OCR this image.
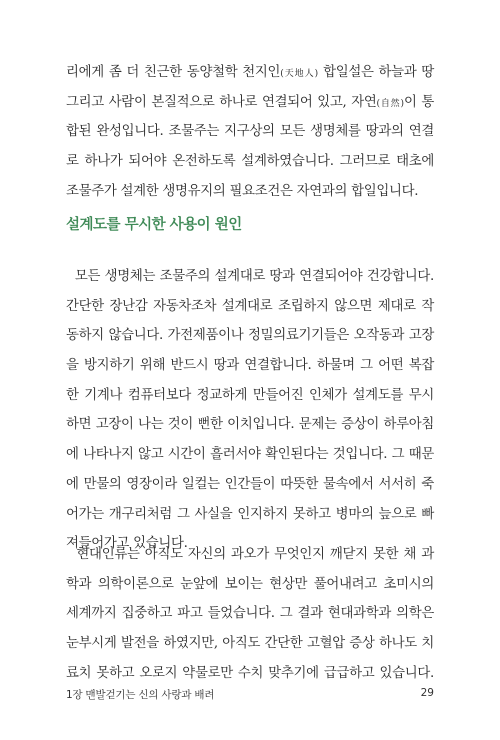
리에게 좀 더 친근한 동양철학 천지인(天地人) 합일설은 하늘과 땅
그리고 사람이 본질적으로 하나로 연결되어 있고, 자연(自然)이 통
합된 완성입니다. 조물주는 지구상의 모든 생명체를 땅과의 연결
로 하나가 되어야 온전하도록 설계하였습니다. 그러므로 태초에
조물주가 설계한 생명유지의 필요조건은 자연과의 합일입니다.
설계도를 무시한 사용이 원인
모든 생명체는 조물주의 설계대로 땅과 연결되어야 건강합니다.
간단한 장난감 자동차조차 설계대로 조립하지 않으면 제대로 작
동하지 않습니다. 가전제품이나 정밀의료기기들은 오작동과 고장
을 방지하기 위해 반드시 땅과 연결합니다. 하물며 그 어떤 복잡
한 기계나 컴퓨터보다 정교하게 만들어진 인체가 설계도를 무시
하면 고장이 나는 것이 뻔한 이치입니다. 문제는 증상이 하루아침
에 나타나지 않고 시간이 흘러서야 확인된다는 것입니다. 그 때문
에 만물의 영장이라 일컬는 인간들이 따뜻한 물속에서 서서히 죽
어가는 개구리처럼 그 사실을 인지하지 못하고 병마의 늪으로 빠
져들어가고 있습니다.
현대인류는 아직도 자신의 과오가 무엇인지 깨닫지 못한 채 과
학과 의학이론으로 눈앞에 보이는 현상만 풀어내려고 초미시의
세계까지 집중하고 파고 들었습니다. 그 결과 현대과학과 의학은
눈부시게 발전을 하였지만, 아직도 간단한 고혈압 증상 하나도 치
료치 못하고 오로지 약물로만 수치 맞추기에 급급하고 있습니다.
1장 맨발걷기는 신의 사랑과 배려	29
